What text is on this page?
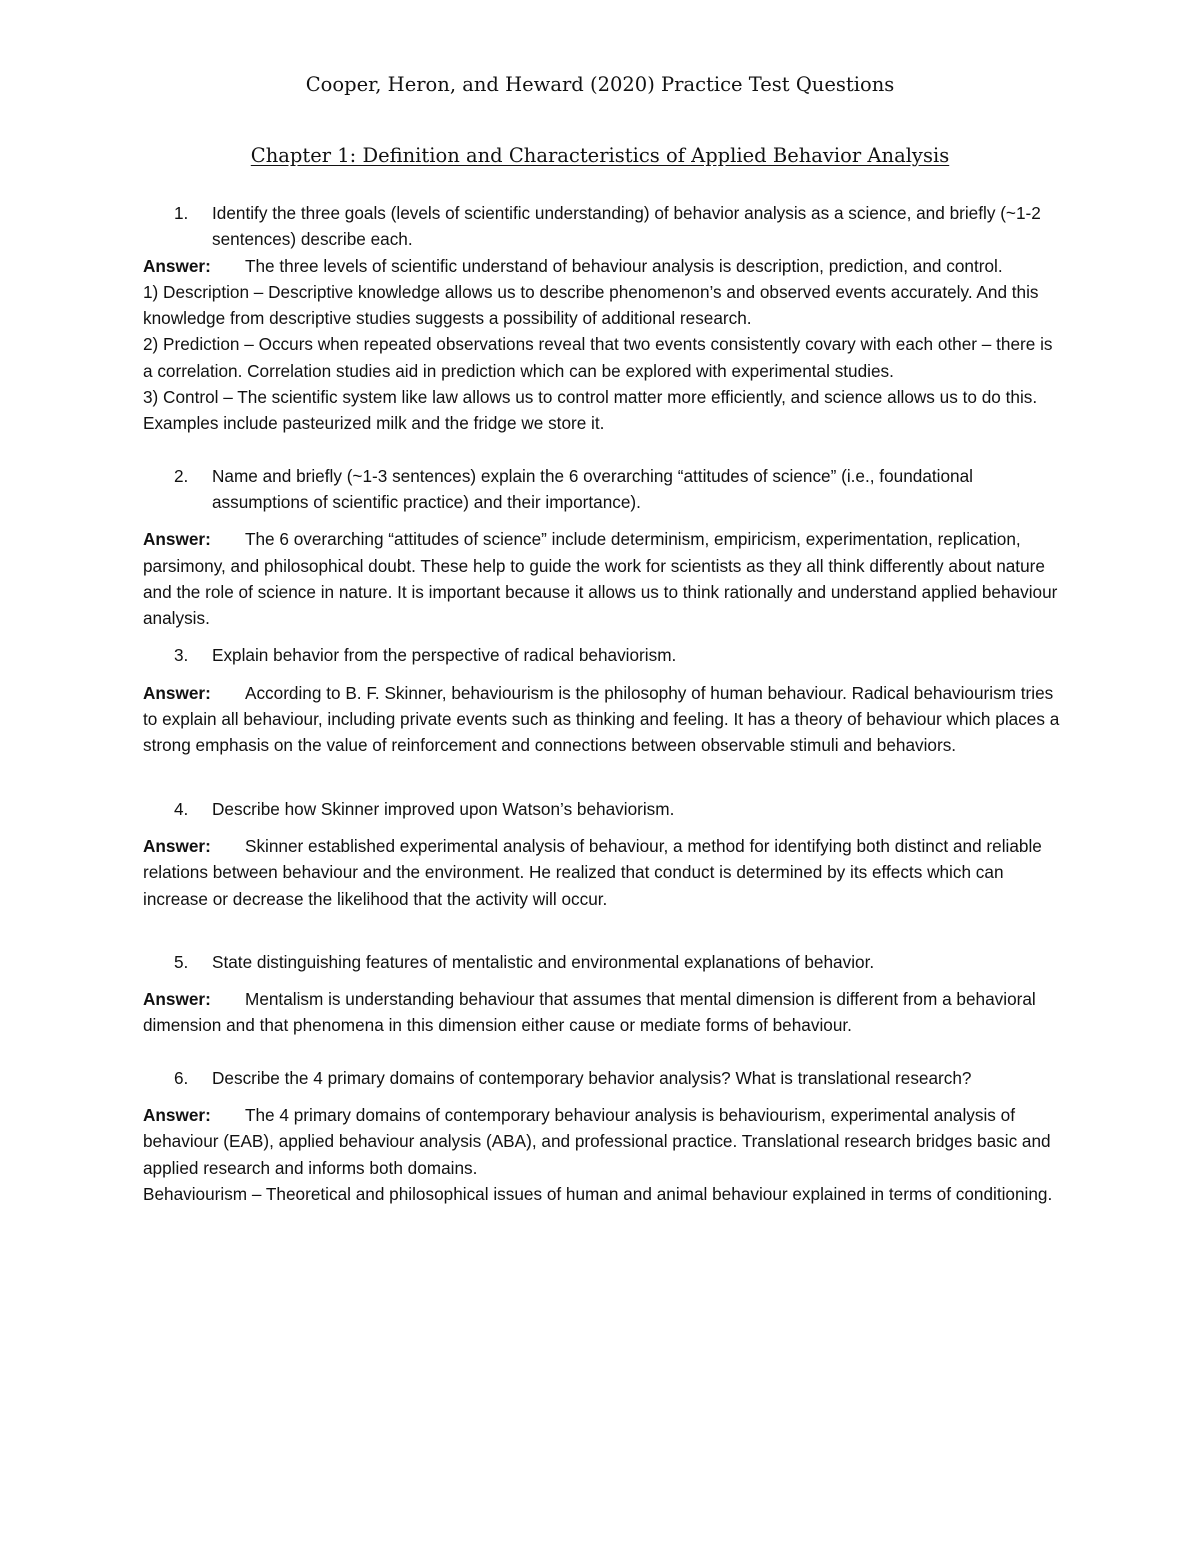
Cooper, Heron, and Heward (2020) Practice Test Questions
Chapter 1: Definition and Characteristics of Applied Behavior Analysis

1. Identify the three goals (levels of scientific understanding) of behavior analysis as a science, and briefly (~1-2 sentences) describe each.

Answer: The three levels of scientific understand of behaviour analysis is description, prediction, and control.

1) Description – Descriptive knowledge allows us to describe phenomenon’s and observed events accurately. And this knowledge from descriptive studies suggests a possibility of additional research.

2) Prediction – Occurs when repeated observations reveal that two events consistently covary with each other – there is a correlation. Correlation studies aid in prediction which can be explored with experimental studies.

3) Control – The scientific system like law allows us to control matter more efficiently, and science allows us to do this. Examples include pasteurized milk and the fridge we store it.

2. Name and briefly (~1-3 sentences) explain the 6 overarching “attitudes of science” (i.e., foundational assumptions of scientific practice) and their importance).

Answer: The 6 overarching “attitudes of science” include determinism, empiricism, experimentation, replication, parsimony, and philosophical doubt. These help to guide the work for scientists as they all think differently about nature and the role of science in nature. It is important because it allows us to think rationally and understand applied behaviour analysis.

3. Explain behavior from the perspective of radical behaviorism.

Answer: According to B. F. Skinner, behaviourism is the philosophy of human behaviour. Radical behaviourism tries to explain all behaviour, including private events such as thinking and feeling. It has a theory of behaviour which places a strong emphasis on the value of reinforcement and connections between observable stimuli and behaviors.

4. Describe how Skinner improved upon Watson’s behaviorism.

Answer: Skinner established experimental analysis of behaviour, a method for identifying both distinct and reliable relations between behaviour and the environment. He realized that conduct is determined by its effects which can increase or decrease the likelihood that the activity will occur.

5. State distinguishing features of mentalistic and environmental explanations of behavior.

Answer: Mentalism is understanding behaviour that assumes that mental dimension is different from a behavioral dimension and that phenomena in this dimension either cause or mediate forms of behaviour.

6. Describe the 4 primary domains of contemporary behavior analysis? What is translational research?

Answer: The 4 primary domains of contemporary behaviour analysis is behaviourism, experimental analysis of behaviour (EAB), applied behaviour analysis (ABA), and professional practice. Translational research bridges basic and applied research and informs both domains.

Behaviourism – Theoretical and philosophical issues of human and animal behaviour explained in terms of conditioning.
